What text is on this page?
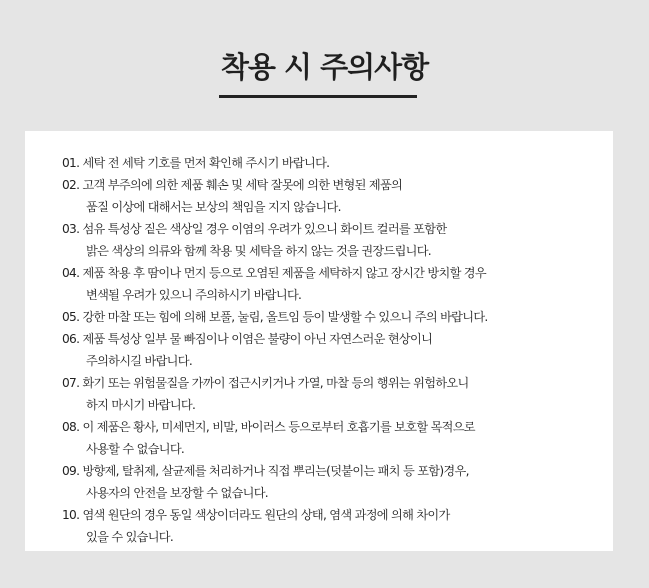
착용 시 주의사항
01. 세탁 전 세탁 기호를 먼저 확인해 주시기 바랍니다.
02. 고객 부주의에 의한 제품 훼손 및 세탁 잘못에 의한 변형된 제품의
품질 이상에 대해서는 보상의 책임을 지지 않습니다.
03. 섬유 특성상 짙은 색상일 경우 이염의 우려가 있으니 화이트 컬러를 포함한
밝은 색상의 의류와 함께 착용 및 세탁을 하지 않는 것을 권장드립니다.
04. 제품 착용 후 땀이나 먼지 등으로 오염된 제품을 세탁하지 않고 장시간 방치할 경우
변색될 우려가 있으니 주의하시기 바랍니다.
05. 강한 마찰 또는 힘에 의해 보풀, 눌림, 올트임 등이 발생할 수 있으니 주의 바랍니다.
06. 제품 특성상 일부 물 빠짐이나 이염은 불량이 아닌 자연스러운 현상이니
주의하시길 바랍니다.
07. 화기 또는 위험물질을 가까이 접근시키거나 가열, 마찰 등의 행위는 위험하오니
하지 마시기 바랍니다.
08. 이 제품은 황사, 미세먼지, 비말, 바이러스 등으로부터 호흡기를 보호할 목적으로
사용할 수 없습니다.
09. 방향제, 탈취제, 살균제를 처리하거나 직접 뿌리는(덧붙이는 패치 등 포함)경우,
사용자의 안전을 보장할 수 없습니다.
10. 염색 원단의 경우 동일 색상이더라도 원단의 상태, 염색 과정에 의해 차이가
있을 수 있습니다.
